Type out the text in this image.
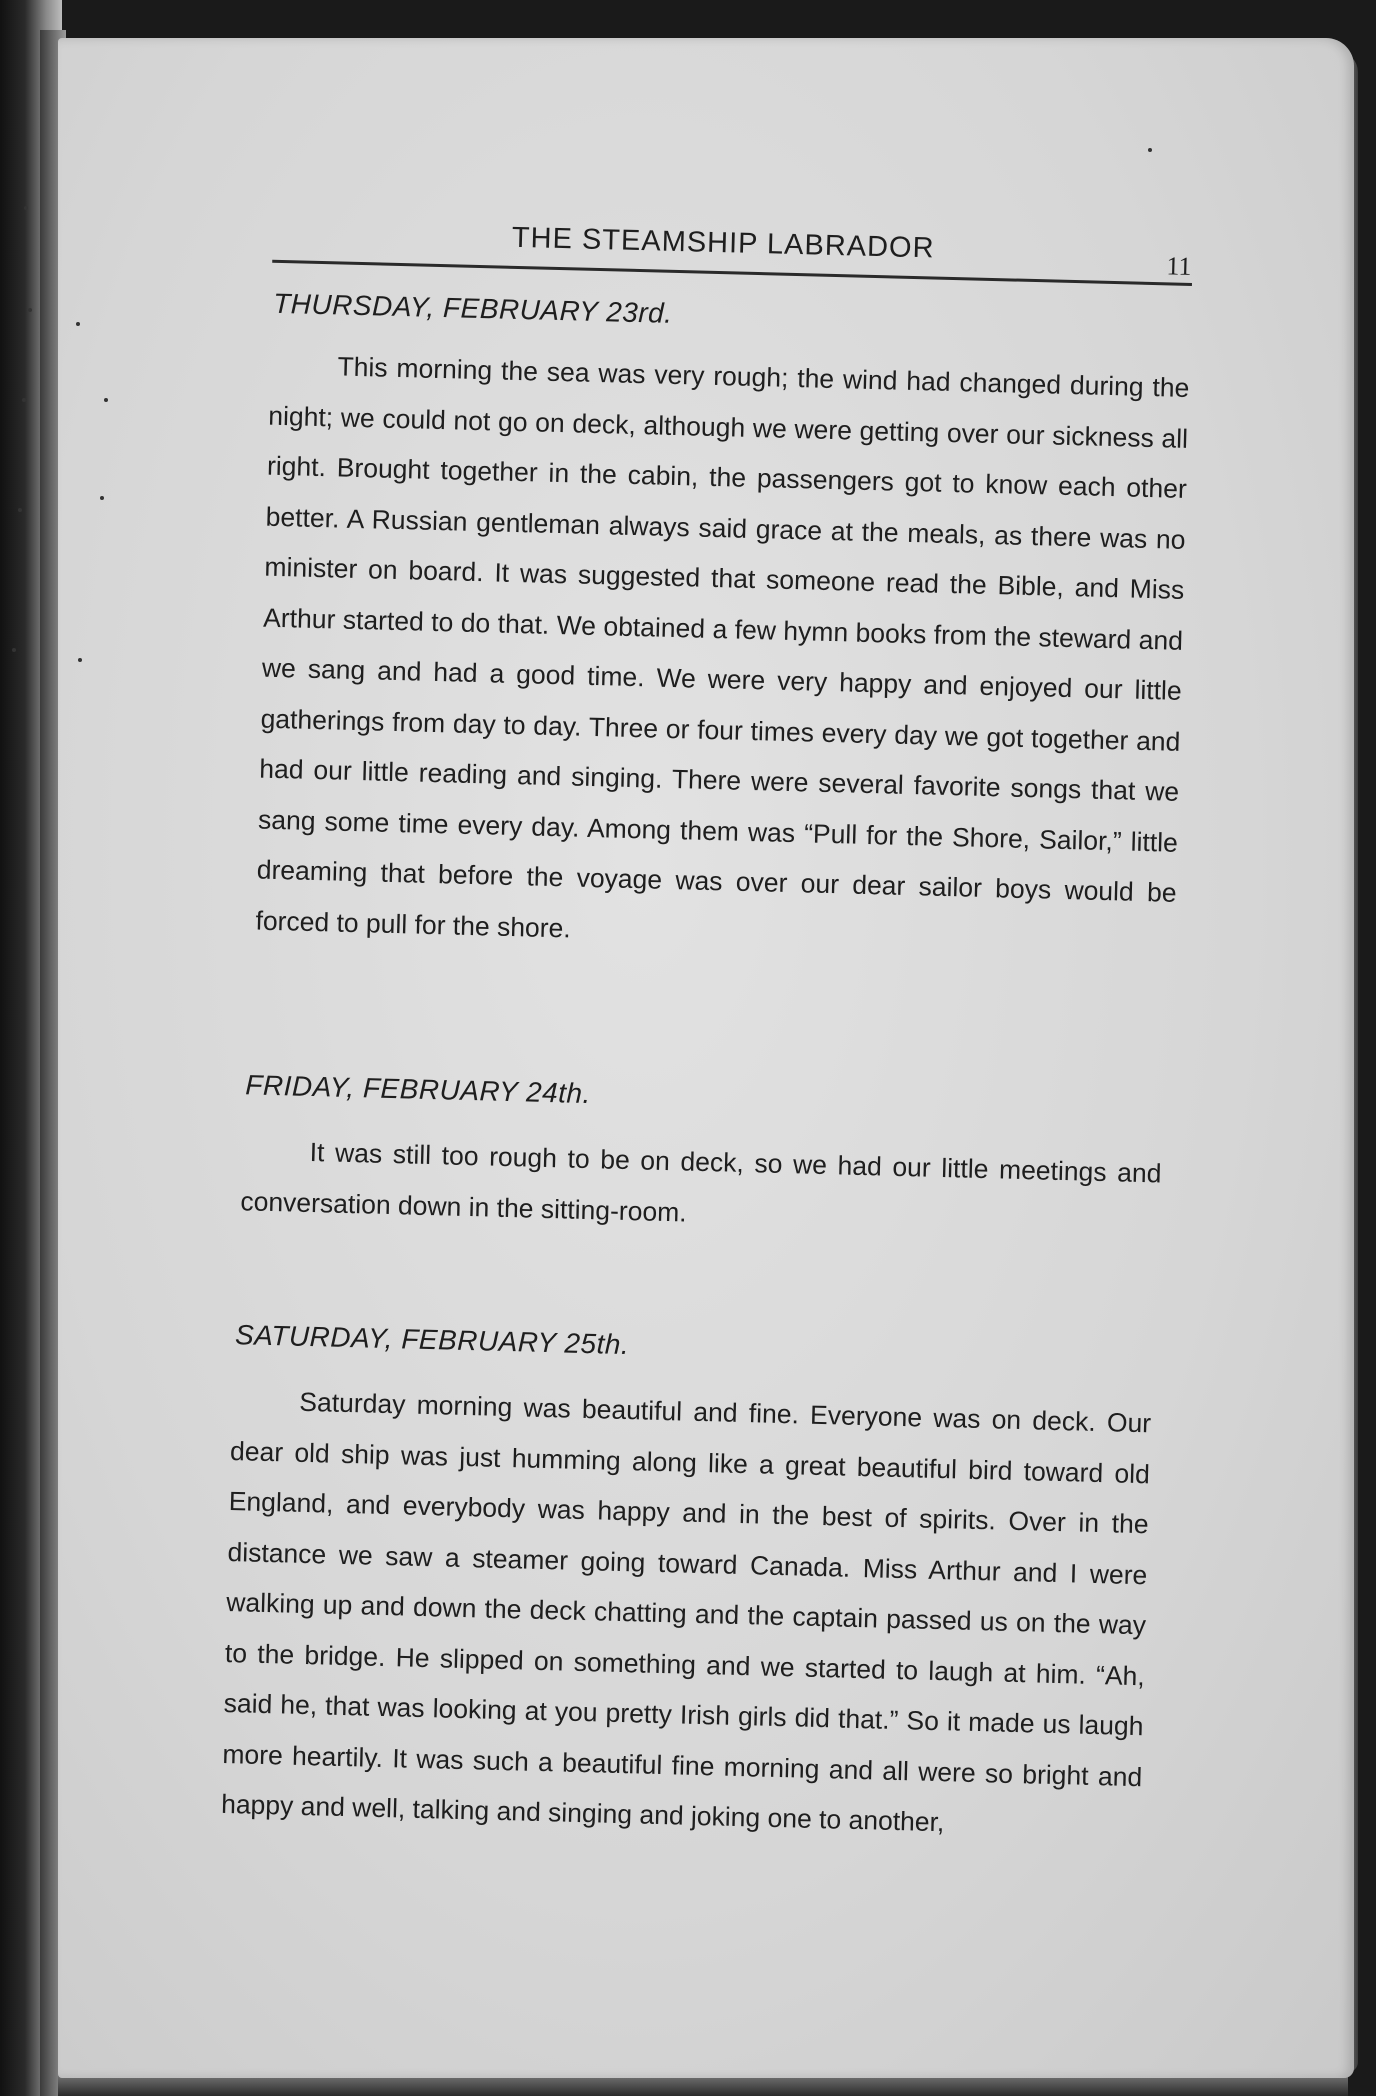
THE STEAMSHIP LABRADOR
11
THURSDAY, FEBRUARY 23rd.

This morning the sea was very rough; the wind had changed during the night; we could not go on deck, although we were getting over our sickness all right. Brought together in the cabin, the passengers got to know each other better. A Russian gentleman always said grace at the meals, as there was no minister on board. It was suggested that someone read the Bible, and Miss Arthur started to do that. We obtained a few hymn books from the steward and we sang and had a good time. We were very happy and enjoyed our little gatherings from day to day. Three or four times every day we got together and had our little reading and singing. There were several favorite songs that we sang some time every day. Among them was “Pull for the Shore, Sailor,” little dreaming that before the voyage was over our dear sailor boys would be forced to pull for the shore.

FRIDAY, FEBRUARY 24th.

It was still too rough to be on deck, so we had our little meetings and conversation down in the sitting-room.

SATURDAY, FEBRUARY 25th.

Saturday morning was beautiful and fine. Everyone was on deck. Our dear old ship was just humming along like a great beautiful bird toward old England, and everybody was happy and in the best of spirits. Over in the distance we saw a steamer going toward Canada. Miss Arthur and I were walking up and down the deck chatting and the captain passed us on the way to the bridge. He slipped on something and we started to laugh at him. “Ah, said he, that was looking at you pretty Irish girls did that.” So it made us laugh more heartily. It was such a beautiful fine morning and all were so bright and happy and well, talking and singing and joking one to another,
